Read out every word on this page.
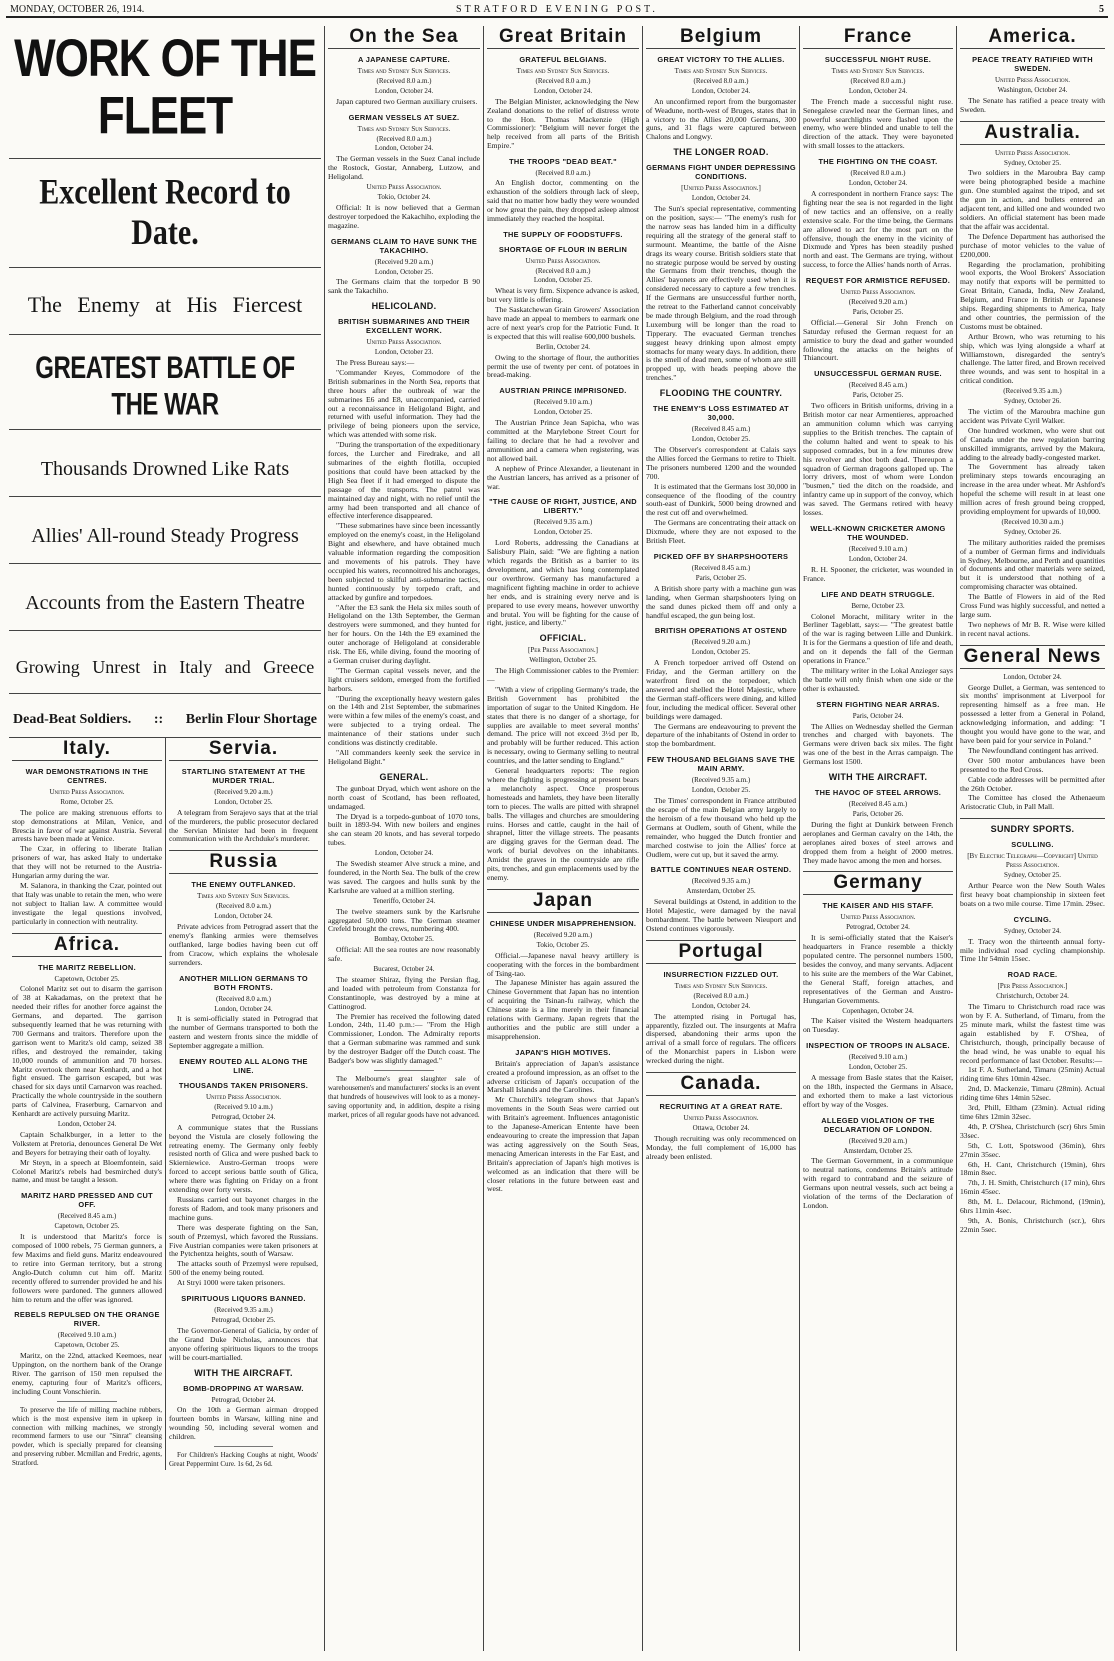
MONDAY, OCTOBER 26, 1914.	STRATFORD EVENING POST.	5
WORK OF THE FLEET
Excellent Record to Date.
The Enemy at His Fiercest
GREATEST BATTLE OF THE WAR
Thousands Drowned Like Rats
Allies' All-round Steady Progress
Accounts from the Eastern Theatre
Growing Unrest in Italy and Greece
Dead-Beat Soldiers. :: Berlin Flour Shortage
Italy.
WAR DEMONSTRATIONS IN THE CENTRES.
United Press Association.
Rome, October 25.

The police are making strenuous efforts to stop demonstrations at Milan, Venice, and Brescia in favor of war against Austria. Several arrests have been made at Venice.

The Czar, in offering to liberate Italian prisoners of war, has asked Italy to undertake that they will not be returned to the Austria-Hungarian army during the war.

M. Salanora, in thanking the Czar, pointed out that Italy was unable to retain the men, who were not subject to Italian law. A committee would investigate the legal questions involved, particularly in connection with neutrality.

Africa.
THE MARITZ REBELLION.
Capetown, October 25.

Colonel Maritz set out to disarm the garrison of 38 at Kakadamas, on the pretext that he needed their rifles for another force against the Germans, and departed. The garrison subsequently learned that he was returning with 700 Germans and traitors. Therefore upon the garrison went to Maritz's old camp, seized 38 rifles, and destroyed the remainder, taking 10,000 rounds of ammunition and 70 horses. Maritz overtook them near Kenhardt, and a hot fight ensued. The garrison escaped, but was chased for six days until Carnarvon was reached. Practically the whole countryside in the southern parts of Calvinea, Fraserburg, Carnarvon and Kenhardt are actively pursuing Maritz.

London, October 24.

Captain Schalkburger, in a letter to the Volkstem at Pretoria, denounces General De Wet and Beyers for betraying their oath of loyalty.

Mr Steyn, in a speech at Bloemfontein, said Colonel Maritz's rebels had besmirched duty's name, and must be taught a lesson.

MARITZ HARD PRESSED AND CUT OFF.
(Received 8.45 a.m.)
Capetown, October 25.

It is understood that Maritz's force is composed of 1000 rebels, 75 German gunners, a few Maxims and field guns. Maritz endeavoured to retire into German territory, but a strong Anglo-Dutch column cut him off. Maritz recently offered to surrender provided he and his followers were pardoned. The gunners allowed him to return and the offer was ignored.

REBELS REPULSED ON THE ORANGE RIVER.
(Received 9.10 a.m.)
Capetown, October 25.

Maritz, on the 22nd, attacked Keemoes, near Uppington, on the northern bank of the Orange River. The garrison of 150 men repulsed the enemy, capturing four of Maritz's officers, including Count Vonschierin.

To preserve the life of milling machine rubbers, which is the most expensive item in upkeep in connection with milking machines, we strongly recommend farmers to use our "Sinrat" cleansing powder, which is specially prepared for cleansing and preserving rubber. Mcmillan and Fredric, agents, Stratford.

Servia.
STARTLING STATEMENT AT THE MURDER TRIAL.
(Received 9.20 a.m.)
London, October 25.

A telegram from Serajevo says that at the trial of the murderers, the public prosecutor declared the Servian Minister had been in frequent communication with the Archduke's murderer.

Russia
THE ENEMY OUTFLANKED.
Times and Sydney Sun Services.
(Received 8.0 a.m.)
London, October 24.

Private advices from Petrograd assert that the enemy's flanking armies were themselves outflanked, large bodies having been cut off from Cracow, which explains the wholesale surrenders.

ANOTHER MILLION GERMANS TO BOTH FRONTS.
(Received 8.0 a.m.)
London, October 24.

It is semi-officially stated in Petrograd that the number of Germans transported to both the eastern and western fronts since the middle of September aggregate a million.

ENEMY ROUTED ALL ALONG THE LINE.
THOUSANDS TAKEN PRISONERS.
United Press Association.
(Received 9.10 a.m.)
Petrograd, October 24.

A communique states that the Russians beyond the Vistula are closely following the retreating enemy. The Germany only feebly resisted north of Glica and were pushed back to Skierniewice. Austro-German troops were forced to accept serious battle south of Glica, where there was fighting on Friday on a front extending over forty versts.

Russians carried out bayonet charges in the forests of Radom, and took many prisoners and machine guns.

There was desperate fighting on the San, south of Przemysl, which favored the Russians. Five Austrian companies were taken prisoners at the Pytchentza heights, south of Warsaw.

The attacks south of Przemysl were repulsed, 500 of the enemy being routed.

At Stryi 1000 were taken prisoners.

SPIRITUOUS LIQUORS BANNED.
(Received 9.35 a.m.)
Petrograd, October 25.

The Governor-General of Galicia, by order of the Grand Duke Nicholas, announces that anyone offering spirituous liquors to the troops will be court-martialled.

WITH THE AIRCRAFT.
BOMB-DROPPING AT WARSAW.
Petrograd, October 24.

On the 10th a German airman dropped fourteen bombs in Warsaw, killing nine and wounding 50, including several women and children.

For Children's Hacking Coughs at night, Woods' Great Peppermint Cure. 1s 6d, 2s 6d.

On the Sea
A JAPANESE CAPTURE.
Times and Sydney Sun Services.
(Received 8.0 a.m.)
London, October 24.

Japan captured two German auxiliary cruisers.

GERMAN VESSELS AT SUEZ.
Times and Sydney Sun Services.
(Received 8.0 a.m.)
London, October 24.

The German vessels in the Suez Canal include the Rostock, Gostar, Annaberg, Lutzow, and Heligoland.

United Press Association.
Tokio, October 24.

Official: It is now believed that a German destroyer torpedoed the Kakachiho, exploding the magazine.

GERMANS CLAIM TO HAVE SUNK THE TAKACHIHO.
(Received 9.20 a.m.)
London, October 25.

The Germans claim that the torpedor B 90 sank the Takachiho.

HELICOLAND.
BRITISH SUBMARINES AND THEIR EXCELLENT WORK.
United Press Association.
London, October 23.

The Press Bureau says:—

"Commander Keyes, Commodore of the British submarines in the North Sea, reports that three hours after the outbreak of war the submarines E6 and E8, unaccompanied, carried out a reconnaissance in Heligoland Bight, and returned with useful information. They had the privilege of being pioneers upon the service, which was attended with some risk.

"During the transportation of the expeditionary forces, the Lurcher and Firedrake, and all submarines of the eighth flotilla, occupied positions that could have been attacked by the High Sea fleet if it had emerged to dispute the passage of the transports. The patrol was maintained day and night, with no relief until the army had been transported and all chance of effective interference disappeared.

"These submarines have since been incessantly employed on the enemy's coast, in the Heligoland Bight and elsewhere, and have obtained much valuable information regarding the composition and movements of his patrols. They have occupied his waters, reconnoitred his anchorages, been subjected to skilful anti-submarine tactics, hunted continuously by torpedo craft, and attacked by gunfire and torpedoes.

"After the E3 sank the Hela six miles south of Heligoland on the 13th September, the German destroyers were summoned, and they hunted for her for hours. On the 14th the E9 examined the outer anchorage of Heligoland at considerable risk. The E6, while diving, found the mooring of a German cruiser during daylight.

"The German capital vessels never, and the light cruisers seldom, emerged from the fortified harbors.

"During the exceptionally heavy western gales on the 14th and 21st September, the submarines were within a few miles of the enemy's coast, and were subjected to a trying ordeal. The maintenance of their stations under such conditions was distinctly creditable.

"All commanders keenly seek the service in Heligoland Bight."

GENERAL.

The gunboat Dryad, which went ashore on the north coast of Scotland, has been refloated, undamaged.

The Dryad is a torpedo-gunboat of 1070 tons, built in 1893-94. With new boilers and engines she can steam 20 knots, and has several torpedo tubes.

London, October 24.

The Swedish steamer Alve struck a mine, and foundered, in the North Sea. The bulk of the crew was saved. The cargoes and hulls sunk by the Karlsruhe are valued at a million sterling.

Teneriffo, October 24.

The twelve steamers sunk by the Karlsruhe aggregated 50,000 tons. The German steamer Crefeld brought the crews, numbering 400.

Bombay, October 25.

Official: All the sea routes are now reasonably safe.

Bucarest, October 24.

The steamer Shiraz, flying the Persian flag, and loaded with petroleum from Constanza for Constantinople, was destroyed by a mine at Cattinogrod.

The Premier has received the following dated London, 24th, 11.40 p.m.:— "From the High Commissioner, London. The Admiralty reports that a German submarine was rammed and sunk by the destroyer Badger off the Dutch coast. The Badger's bow was slightly damaged."

The Melbourne's great slaughter sale of warehousemen's and manufacturers' stocks is an event that hundreds of housewives will look to as a money-saving opportunity and, in addition, despite a rising market, prices of all regular goods have not advanced.

Great Britain
GRATEFUL BELGIANS.
Times and Sydney Sun Services.
(Received 8.0 a.m.)
London, October 24.

The Belgian Minister, acknowledging the New Zealand donations to the relief of distress wrote to the Hon. Thomas Mackenzie (High Commissioner): "Belgium will never forget the help received from all parts of the British Empire."

THE TROOPS "DEAD BEAT."
(Received 8.0 a.m.)

An English doctor, commenting on the exhaustion of the soldiers through lack of sleep, said that no matter how badly they were wounded or how great the pain, they dropped asleep almost immediately they reached the hospital.

THE SUPPLY OF FOODSTUFFS.
SHORTAGE OF FLOUR IN BERLIN
United Press Association.
(Received 8.0 a.m.)
London, October 25.

Wheat is very firm. Sixpence advance is asked, but very little is offering.

The Saskatchewan Grain Growers' Association have made an appeal to members to earmark one acre of next year's crop for the Patriotic Fund. It is expected that this will realise 600,000 bushels.

Berlin, October 24.

Owing to the shortage of flour, the authorities permit the use of twenty per cent. of potatoes in bread-making.

AUSTRIAN PRINCE IMPRISONED.
(Received 9.10 a.m.)
London, October 25.

The Austrian Prince Jean Sapicha, who was committed at the Marylebone Street Court for failing to declare that he had a revolver and ammunition and a camera when registering, was not allowed bail.

A nephew of Prince Alexander, a lieutenant in the Austrian lancers, has arrived as a prisoner of war.

"THE CAUSE OF RIGHT, JUSTICE, AND LIBERTY."
(Received 9.35 a.m.)
London, October 25.

Lord Roberts, addressing the Canadians at Salisbury Plain, said: "We are fighting a nation which regards the British as a barrier to its development, and which has long contemplated our overthrow. Germany has manufactured a magnificent fighting machine in order to achieve her ends, and is straining every nerve and is prepared to use every means, however unworthy and brutal. You will be fighting for the cause of right, justice, and liberty."

OFFICIAL.
[Per Press Association.]
Wellington, October 25.

The High Commissioner cables to the Premier:—

"With a view of crippling Germany's trade, the British Government has prohibited the importation of sugar to the United Kingdom. He states that there is no danger of a shortage, for supplies are available to meet several months' demand. The price will not exceed 3½d per lb, and probably will be further reduced. This action is necessary, owing to Germany selling to neutral countries, and the latter sending to England."

General headquarters reports: The region where the fighting is progressing at present bears a melancholy aspect. Once prosperous homesteads and hamlets, they have been literally torn to pieces. The walls are pitted with shrapnel balls. The villages and churches are smouldering ruins. Horses and cattle, caught in the hail of shrapnel, litter the village streets. The peasants are digging graves for the German dead. The work of burial devolves on the inhabitants. Amidst the graves in the countryside are rifle pits, trenches, and gun emplacements used by the enemy.

Japan
CHINESE UNDER MISAPPREHENSION.
(Received 9.20 a.m.)
Tokio, October 25.

Official.—Japanese naval heavy artillery is cooperating with the forces in the bombardment of Tsing-tao.

The Japanese Minister has again assured the Chinese Government that Japan has no intention of acquiring the Tsinan-fu railway, which the Chinese state is a line merely in their financial relations with Germany. Japan regrets that the authorities and the public are still under a misapprehension.

JAPAN'S HIGH MOTIVES.

Britain's appreciation of Japan's assistance created a profound impression, as an offset to the adverse criticism of Japan's occupation of the Marshall Islands and the Carolines.

Mr Churchill's telegram shows that Japan's movements in the South Seas were carried out with Britain's agreement. Influences antagonistic to the Japanese-American Entente have been endeavouring to create the impression that Japan was acting aggressively on the South Seas, menacing American interests in the Far East, and Britain's appreciation of Japan's high motives is welcomed as an indication that there will be closer relations in the future between east and west.

Belgium
GREAT VICTORY TO THE ALLIES.
Times and Sydney Sun Services.
(Received 8.0 a.m.)
London, October 24.

An unconfirmed report from the burgomaster of Weadune, north-west of Bruges, states that in a victory to the Allies 20,000 Germans, 300 guns, and 31 flags were captured between Chalons and Longwy.

THE LONGER ROAD.
GERMANS FIGHT UNDER DEPRESSING CONDITIONS.
[United Press Association.]
London, October 24.

The Sun's special representative, commenting on the position, says:— "The enemy's rush for the narrow seas has landed him in a difficulty requiring all the strategy of the general staff to surmount. Meantime, the battle of the Aisne drags its weary course. British soldiers state that no strategic purpose would be served by ousting the Germans from their trenches, though the Allies' bayonets are effectively used when it is considered necessary to capture a few trenches. If the Germans are unsuccessful further north, the retreat to the Fatherland cannot conceivably be made through Belgium, and the road through Luxemburg will be longer than the road to Tipperary. The evacuated German trenches suggest heavy drinking upon almost empty stomachs for many weary days. In addition, there is the smell of dead men, some of whom are still propped up, with heads peeping above the trenches."

FLOODING THE COUNTRY.
THE ENEMY'S LOSS ESTIMATED AT 30,000.
(Received 8.45 a.m.)
London, October 25.

The Observer's correspondent at Calais says the Allies forced the Germans to retire to Thielt. The prisoners numbered 1200 and the wounded 700.

It is estimated that the Germans lost 30,000 in consequence of the flooding of the country south-east of Dunkirk, 5000 being drowned and the rest cut off and overwhelmed.

The Germans are concentrating their attack on Dixmude, where they are not exposed to the British Fleet.

PICKED OFF BY SHARPSHOOTERS
(Received 8.45 a.m.)
Paris, October 25.

A British shore party with a machine gun was landing, when German sharpshooters lying on the sand dunes picked them off and only a handful escaped, the gun being lost.

BRITISH OPERATIONS AT OSTEND
(Received 9.20 a.m.)
London, October 25.

A French torpedoer arrived off Ostend on Friday, and the German artillery on the waterfront fired on the torpedoer, which answered and shelled the Hotel Majestic, where the German staff-officers were dining, and killed four, including the medical officer. Several other buildings were damaged.

The Germans are endeavouring to prevent the departure of the inhabitants of Ostend in order to stop the bombardment.

FEW THOUSAND BELGIANS SAVE THE MAIN ARMY.
(Received 9.35 a.m.)
London, October 25.

The Times' correspondent in France attributed the escape of the main Belgian army largely to the heroism of a few thousand who held up the Germans at Oudlem, south of Ghent, while the remainder, who hugged the Dutch frontier and marched costwise to join the Allies' force at Oudlem, were cut up, but it saved the army.

BATTLE CONTINUES NEAR OSTEND.
(Received 9.35 a.m.)
Amsterdam, October 25.

Several buildings at Ostend, in addition to the Hotel Majestic, were damaged by the naval bombardment. The battle between Nieuport and Ostend continues vigorously.

Portugal
INSURRECTION FIZZLED OUT.
Times and Sydney Sun Services.
(Received 8.0 a.m.)
London, October 24.

The attempted rising in Portugal has, apparently, fizzled out. The insurgents at Mafra dispersed, abandoning their arms upon the arrival of a small force of regulars. The officers of the Monarchist papers in Lisbon were wrecked during the night.

Canada.
RECRUITING AT A GREAT RATE.
United Press Association.
Ottawa, October 24.

Though recruiting was only recommenced on Monday, the full complement of 16,000 has already been enlisted.

France
SUCCESSFUL NIGHT RUSE.
Times and Sydney Sun Services.
(Received 8.0 a.m.)
London, October 24.

The French made a successful night ruse. Senegalese crawled near the German lines, and powerful searchlights were flashed upon the enemy, who were blinded and unable to tell the direction of the attack. They were bayoneted with small losses to the attackers.

THE FIGHTING ON THE COAST.
(Received 8.0 a.m.)
London, October 24.

A correspondent in northern France says: The fighting near the sea is not regarded in the light of new tactics and an offensive, on a really extensive scale. For the time being, the Germans are allowed to act for the most part on the offensive, though the enemy in the vicinity of Dixmude and Ypres has been steadily pushed north and east. The Germans are trying, without success, to force the Allies' hands north of Arras.

REQUEST FOR ARMISTICE REFUSED.
United Press Association.
(Received 9.20 a.m.)
Paris, October 25.

Official.—General Sir John French on Saturday refused the German request for an armistice to bury the dead and gather wounded following the attacks on the heights of Thiancourt.

UNSUCCESSFUL GERMAN RUSE.
(Received 8.45 a.m.)
Paris, October 25.

Two officers in British uniforms, driving in a British motor car near Armentieres, approached an ammunition column which was carrying supplies to the British trenches. The captain of the column halted and went to speak to his supposed comrades, but in a few minutes drew his revolver and shot both dead. Thereupon a squadron of German dragoons galloped up. The lorry drivers, most of whom were London "busmen," tied the ditch on the roadside, and infantry came up in support of the convoy, which was saved. The Germans retired with heavy losses.

WELL-KNOWN CRICKETER AMONG THE WOUNDED.
(Received 9.10 a.m.)
London, October 24.

R. H. Spooner, the cricketer, was wounded in France.

LIFE AND DEATH STRUGGLE.
Berne, October 23.

Colonel Moracht, military writer in the Berliner Tageblatt, says:— "The greatest battle of the war is raging between Lille and Dunkirk. It is for the Germans a question of life and death, and on it depends the fall of the German operations in France."

The military writer in the Lokal Anzieger says the battle will only finish when one side or the other is exhausted.

STERN FIGHTING NEAR ARRAS.
Paris, October 24.

The Allies on Wednesday shelled the German trenches and charged with bayonets. The Germans were driven back six miles. The fight was one of the best in the Arras campaign. The Germans lost 1500.

WITH THE AIRCRAFT.
THE HAVOC OF STEEL ARROWS.
(Received 8.45 a.m.)
Paris, October 26.

During the fight at Dunkirk between French aeroplanes and German cavalry on the 14th, the aeroplanes aired boxes of steel arrows and dropped them from a height of 2000 metres. They made havoc among the men and horses.

Germany
THE KAISER AND HIS STAFF.
United Press Association.
Petrograd, October 24.

It is semi-officially stated that the Kaiser's headquarters in France resemble a thickly populated centre. The personnel numbers 1500, besides the convoy, and many servants. Adjacent to his suite are the members of the War Cabinet, the General Staff, foreign attaches, and representatives of the German and Austro-Hungarian Governments.

Copenhagen, October 24.

The Kaiser visited the Western headquarters on Tuesday.

INSPECTION OF TROOPS IN ALSACE.
(Received 9.10 a.m.)
London, October 25.

A message from Basle states that the Kaiser, on the 18th, inspected the Germans in Alsace, and exhorted them to make a last victorious effort by way of the Vosges.

ALLEGED VIOLATION OF THE DECLARATION OF LONDON.
(Received 9.20 a.m.)
Amsterdam, October 25.

The German Government, in a communique to neutral nations, condemns Britain's attitude with regard to contraband and the seizure of Germans upon neutral vessels, such act being a violation of the terms of the Declaration of London.

America.
PEACE TREATY RATIFIED WITH SWEDEN.
United Press Association.
Washington, October 24.

The Senate has ratified a peace treaty with Sweden.

Australia.
United Press Association.
Sydney, October 25.

Two soldiers in the Maroubra Bay camp were being photographed beside a machine gun. One stumbled against the tripod, and set the gun in action, and bullets entered an adjacent tent, and killed one and wounded two soldiers. An official statement has been made that the affair was accidental.

The Defence Department has authorised the purchase of motor vehicles to the value of £200,000.

Regarding the proclamation, prohibiting wool exports, the Wool Brokers' Association may notify that exports will be permitted to Great Britain, Canada, India, New Zealand, Belgium, and France in British or Japanese ships. Regarding shipments to America, Italy and other countries, the permission of the Customs must be obtained.

Arthur Brown, who was returning to his ship, which was lying alongside a wharf at Williamstown, disregarded the sentry's challenge. The latter fired, and Brown received three wounds, and was sent to hospital in a critical condition.

(Received 9.35 a.m.)
Sydney, October 26.

The victim of the Maroubra machine gun accident was Private Cyril Walker.

One hundred workmen, who were shut out of Canada under the new regulation barring unskilled immigrants, arrived by the Makura, adding to the already badly-congested market.

The Government has already taken preliminary steps towards encouraging an increase in the area under wheat. Mr Ashford's hopeful the scheme will result in at least one million acres of fresh ground being cropped, providing employment for upwards of 10,000.

(Received 10.30 a.m.)
Sydney, October 26.

The military authorities raided the premises of a number of German firms and individuals in Sydney, Melbourne, and Perth and quantities of documents and other materials were seized, but it is understood that nothing of a compromising character was obtained.

The Battle of Flowers in aid of the Red Cross Fund was highly successful, and netted a large sum.

Two nephews of Mr B. R. Wise were killed in recent naval actions.

General News
London, October 24.

George Dullet, a German, was sentenced to six months' imprisonment at Liverpool for representing himself as a free man. He possessed a letter from a General in Poland, acknowledging information, and adding: "I thought you would have gone to the war, and have been paid for your service in Poland."

The Newfoundland contingent has arrived.

Over 500 motor ambulances have been presented to the Red Cross.

Cable code addresses will be permitted after the 26th October.

The Comittee has closed the Athenaeum Aristocratic Club, in Pall Mall.

SUNDRY SPORTS.
SCULLING.
[By Electric Telegraph—Copyright] United Press Association.
Sydney, October 25.

Arthur Pearce won the New South Wales first heavy boat championship in sixteen feet boats on a two mile course. Time 17min. 29sec.

CYCLING.
Sydney, October 24.

T. Tracy won the thirteenth annual forty-mile individual road cycling championship. Time 1hr 54min 15sec.

ROAD RACE.
[Per Press Association.]
Christchurch, October 24.

The Timaru to Christchurch road race was won by F. A. Sutherland, of Timaru, from the 25 minute mark, whilst the fastest time was again established by F. O'Shea, of Christchurch, though, principally because of the head wind, he was unable to equal his record performance of last October. Results:—

1st F. A. Sutherland, Timaru (25min) Actual riding time 6hrs 10min 42sec.

2nd, D. Mackenzie, Timaru (28min). Actual riding time 6hrs 14min 52sec.

3rd, Phill, Eltham (23min). Actual riding time 6hrs 12min 32sec.

4th, P. O'Shea, Christchurch (scr) 6hrs 5min 33sec.

5th, C. Lott, Spotswood (36min), 6hrs 27min 35sec.

6th, H. Cant, Christchurch (19min), 6hrs 18min 8sec.

7th, J. H. Smith, Christchurch (17 min), 6hrs 16min 45sec.

8th, M. L. Delacour, Richmond, (19min), 6hrs 11min 4sec.

9th, A. Bonis, Christchurch (scr.), 6hrs 22min 5sec.
